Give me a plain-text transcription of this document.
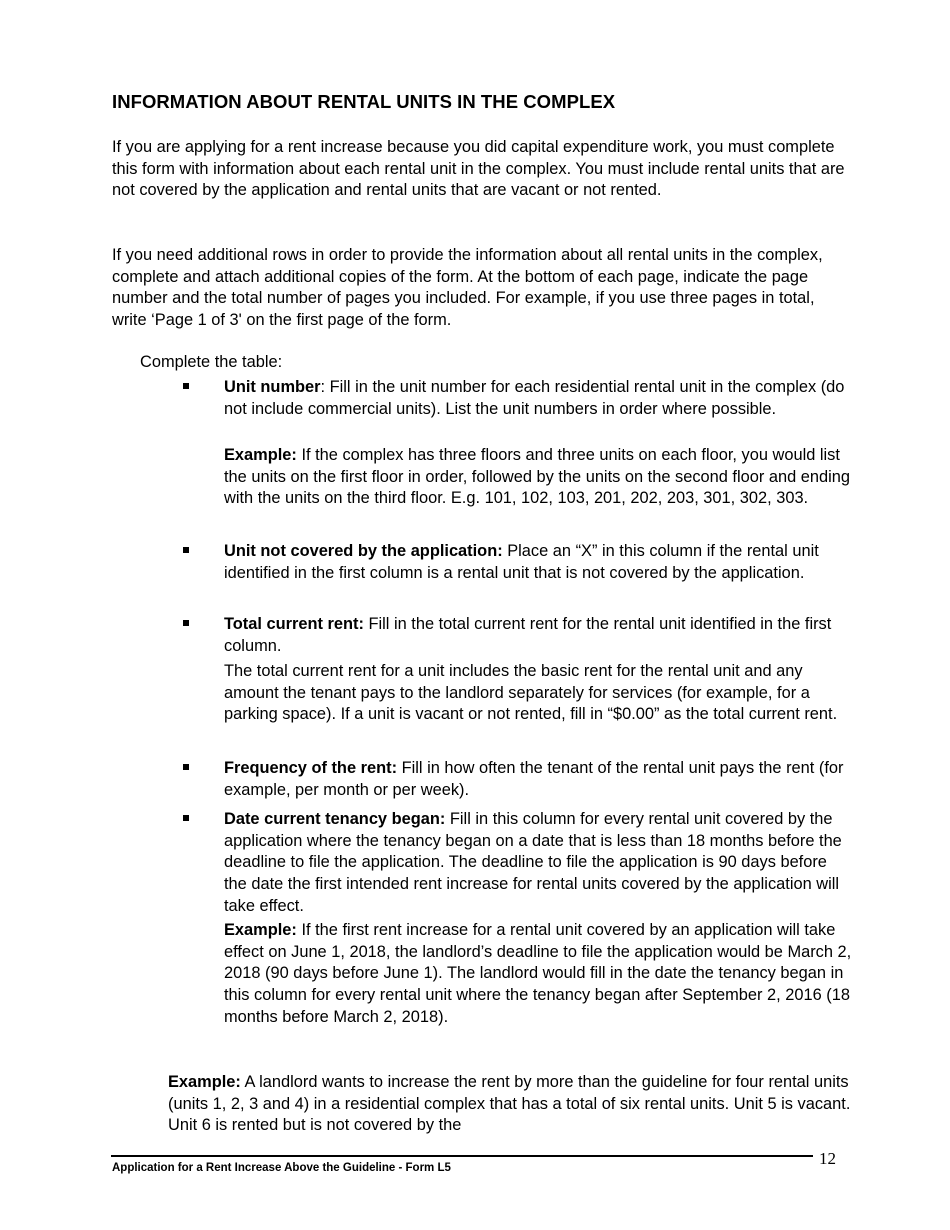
INFORMATION ABOUT RENTAL UNITS IN THE COMPLEX

If you are applying for a rent increase because you did capital expenditure work, you must complete this form with information about each rental unit in the complex. You must include rental units that are not covered by the application and rental units that are vacant or not rented.

If you need additional rows in order to provide the information about all rental units in the complex, complete and attach additional copies of the form. At the bottom of each page, indicate the page number and the total number of pages you included. For example, if you use three pages in total, write ‘Page 1 of 3' on the first page of the form.

Complete the table:

Unit number: Fill in the unit number for each residential rental unit in the complex (do not include commercial units). List the unit numbers in order where possible.

Example: If the complex has three floors and three units on each floor, you would list the units on the first floor in order, followed by the units on the second floor and ending with the units on the third floor. E.g. 101, 102, 103, 201, 202, 203, 301, 302, 303.

Unit not covered by the application: Place an “X” in this column if the rental unit identified in the first column is a rental unit that is not covered by the application.

Total current rent: Fill in the total current rent for the rental unit identified in the first column.

The total current rent for a unit includes the basic rent for the rental unit and any amount the tenant pays to the landlord separately for services (for example, for a parking space). If a unit is vacant or not rented, fill in “$0.00” as the total current rent.

Frequency of the rent: Fill in how often the tenant of the rental unit pays the rent (for example, per month or per week).

Date current tenancy began: Fill in this column for every rental unit covered by the application where the tenancy began on a date that is less than 18 months before the deadline to file the application. The deadline to file the application is 90 days before the date the first intended rent increase for rental units covered by the application will take effect.

Example: If the first rent increase for a rental unit covered by an application will take effect on June 1, 2018, the landlord’s deadline to file the application would be March 2, 2018 (90 days before June 1). The landlord would fill in the date the tenancy began in this column for every rental unit where the tenancy began after September 2, 2016 (18 months before March 2, 2018).

Example: A landlord wants to increase the rent by more than the guideline for four rental units (units 1, 2, 3 and 4) in a residential complex that has a total of six rental units. Unit 5 is vacant. Unit 6 is rented but is not covered by the

Application for a Rent Increase Above the Guideline - Form L5	12
